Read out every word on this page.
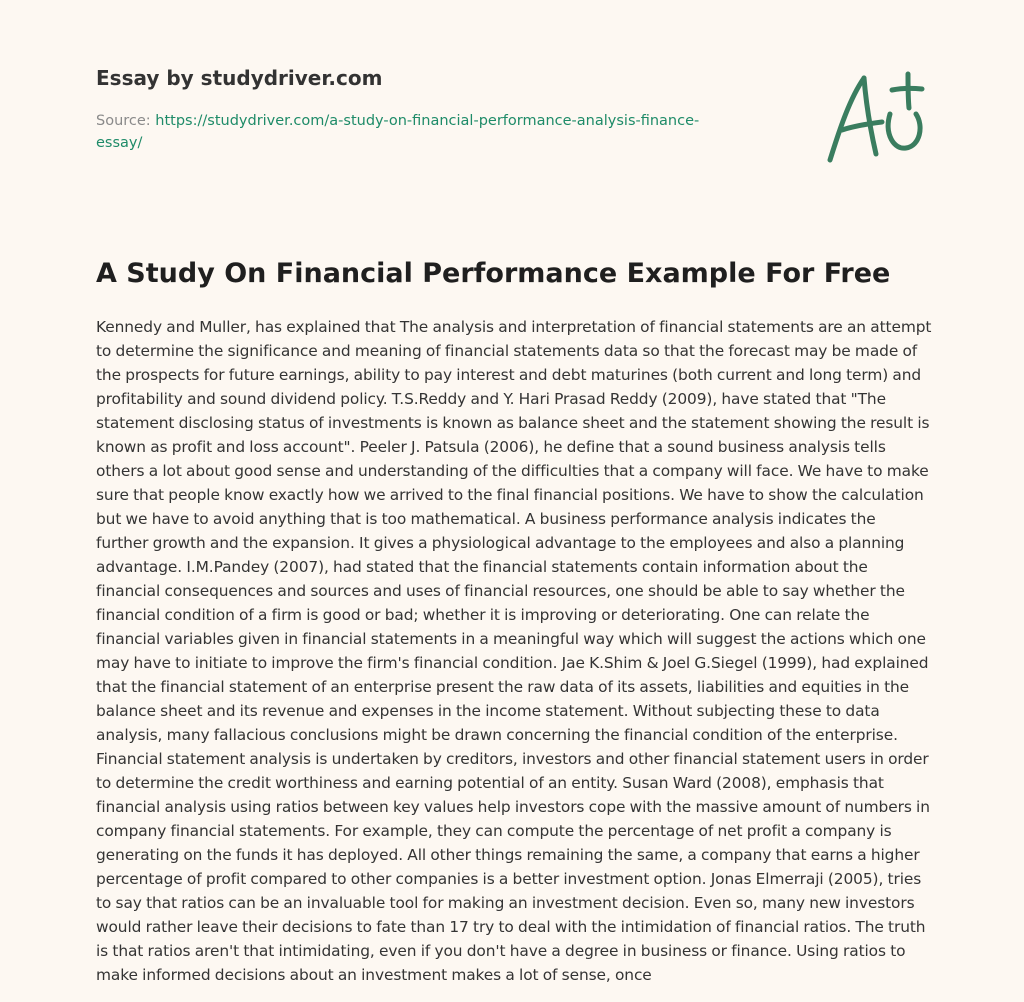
Essay by studydriver.com
Source: https://studydriver.com/a-study-on-financial-performance-analysis-finance-essay/
A Study On Financial Performance Example For Free

Kennedy and Muller, has explained that The analysis and interpretation of financial statements are an attempt to determine the significance and meaning of financial statements data so that the forecast may be made of the prospects for future earnings, ability to pay interest and debt maturines (both current and long term) and profitability and sound dividend policy. T.S.Reddy and Y. Hari Prasad Reddy (2009), have stated that "The statement disclosing status of investments is known as balance sheet and the statement showing the result is known as profit and loss account". Peeler J. Patsula (2006), he define that a sound business analysis tells others a lot about good sense and understanding of the difficulties that a company will face. We have to make sure that people know exactly how we arrived to the final financial positions. We have to show the calculation but we have to avoid anything that is too mathematical. A business performance analysis indicates the further growth and the expansion. It gives a physiological advantage to the employees and also a planning advantage. I.M.Pandey (2007), had stated that the financial statements contain information about the financial consequences and sources and uses of financial resources, one should be able to say whether the financial condition of a firm is good or bad; whether it is improving or deteriorating. One can relate the financial variables given in financial statements in a meaningful way which will suggest the actions which one may have to initiate to improve the firm's financial condition. Jae K.Shim & Joel G.Siegel (1999), had explained that the financial statement of an enterprise present the raw data of its assets, liabilities and equities in the balance sheet and its revenue and expenses in the income statement. Without subjecting these to data analysis, many fallacious conclusions might be drawn concerning the financial condition of the enterprise. Financial statement analysis is undertaken by creditors, investors and other financial statement users in order to determine the credit worthiness and earning potential of an entity. Susan Ward (2008), emphasis that financial analysis using ratios between key values help investors cope with the massive amount of numbers in company financial statements. For example, they can compute the percentage of net profit a company is generating on the funds it has deployed. All other things remaining the same, a company that earns a higher percentage of profit compared to other companies is a better investment option. Jonas Elmerraji (2005), tries to say that ratios can be an invaluable tool for making an investment decision. Even so, many new investors would rather leave their decisions to fate than 17 try to deal with the intimidation of financial ratios. The truth is that ratios aren't that intimidating, even if you don't have a degree in business or finance. Using ratios to make informed decisions about an investment makes a lot of sense, once
